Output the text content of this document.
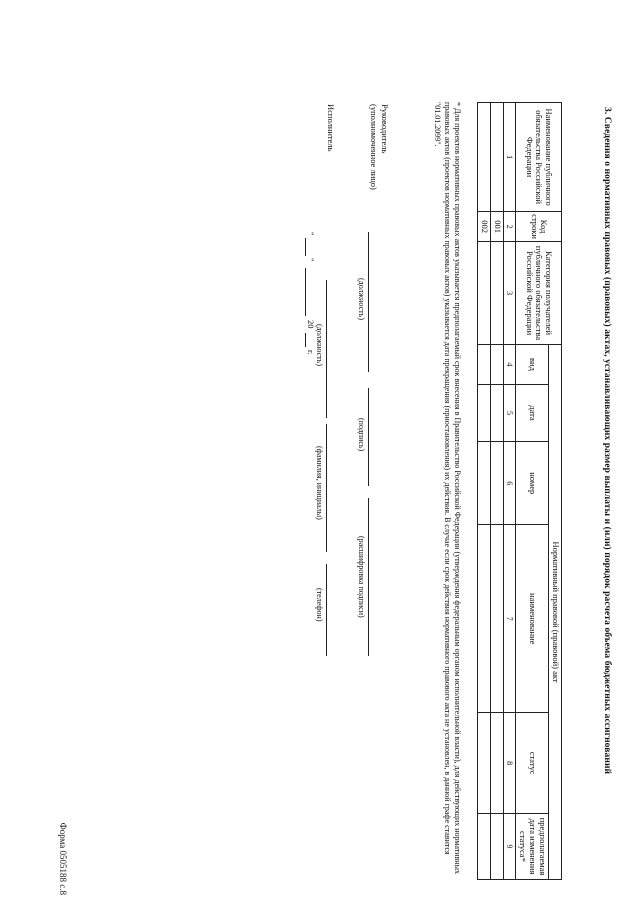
Форма 0505188 с.8
3. Сведения о нормативных правовых (правовых) актах, устанавливающих размер выплаты и (или) порядок расчета объема бюджетных ассигнований
Наименование публичного обязательства Российской Федерации	Код строки	Категория получателей публичного обязательства Российской Федерации	Нормативный правовой (правовой) акт					
			вид	дата	номер	наименование	статус	предполагаемая дата изменения статуса*
1	2	3	4	5	6	7	8	9
	001							
	002							
* Для проектов нормативных правовых актов указывается предполагаемый срок внесения в Правительство Российской Федерации (утверждения федеральным органом исполнительной власти), для действующих нормативных правовых актов (проектов нормативных правовых актов) указывается дата прекращения (приостановления) их действия. В случае если срок действия нормативного правового акта не установлен, в данной графе ставится "01.01.2099".
Руководитель
(уполномоченное лицо)
(должность)
(подпись)
(расшифровка подписи)
Исполнитель
(должность)
(фамилия, инициалы)
(телефон)
"
"
20
г.
